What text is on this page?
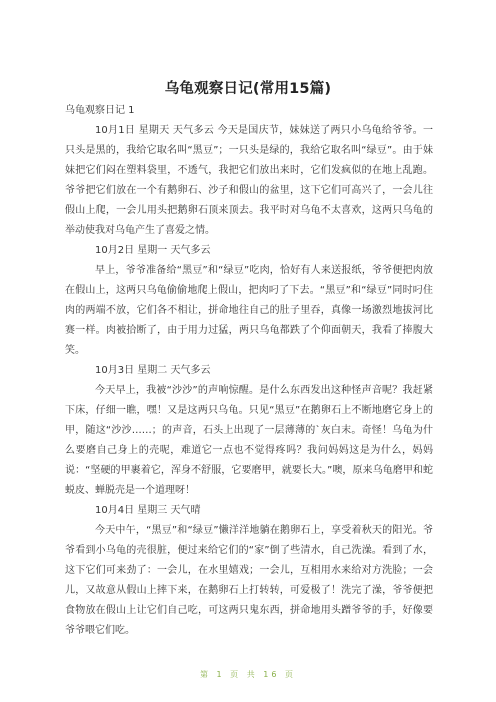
乌龟观察日记(常用15篇)
乌龟观察日记 1

10月1日 星期天 天气多云 今天是国庆节，妹妹送了两只小乌龟给爷爷。一只头是黑的，我给它取名叫“黑豆”；一只头是绿的，我给它取名叫“绿豆”。由于妹妹把它们闷在塑料袋里，不透气，我把它们放出来时，它们发疯似的在地上乱跑。爷爷把它们放在一个有鹅卵石、沙子和假山的盆里，这下它们可高兴了，一会儿往假山上爬，一会儿用头把鹅卵石顶来顶去。我平时对乌龟不太喜欢，这两只乌龟的举动使我对乌龟产生了喜爱之情。

10月2日 星期一 天气多云

早上，爷爷准备给“黑豆”和“绿豆”吃肉，恰好有人来送报纸，爷爷便把肉放在假山上，这两只乌龟偷偷地爬上假山，把肉叼了下去。“黑豆”和“绿豆”同时叼住肉的两端不放，它们各不相让，拼命地往自己的肚子里吞，真像一场激烈地拔河比赛一样。肉被拾断了，由于用力过猛，两只乌龟都跌了个仰面朝天，我看了捧腹大笑。

10月3日 星期二 天气多云

今天早上，我被“沙沙”的声响惊醒。是什么东西发出这种怪声音呢？我赶紧下床，仔细一瞧，嘿！又是这两只乌龟。只见“黑豆”在鹅卵石上不断地磨它身上的甲，随这“沙沙……；的声音，石头上出现了一层薄薄的`灰白末。奇怪！乌龟为什么要磨自己身上的壳呢，难道它一点也不觉得疼吗？我问妈妈这是为什么，妈妈说：“坚硬的甲裹着它，浑身不舒服，它要磨甲，就要长大。”噢，原来乌龟磨甲和蛇蜕皮、蝉脱壳是一个道理呀！

10月4日 星期三 天气晴

今天中午，“黑豆”和“绿豆”懒洋洋地躺在鹅卵石上，享受着秋天的阳光。爷爷看到小乌龟的壳很脏，便过来给它们的“家”倒了些清水，自己洗澡。看到了水，这下它们可来劲了：一会儿，在水里嬉戏；一会儿，互相用水来给对方洗脸；一会儿，又故意从假山上摔下来，在鹅卵石上打转转，可爱极了！洗完了澡，爷爷便把食物放在假山上让它们自己吃，可这两只鬼东西，拼命地用头蹭爷爷的手，好像要爷爷喂它们吃。

第 1 页 共 16 页
